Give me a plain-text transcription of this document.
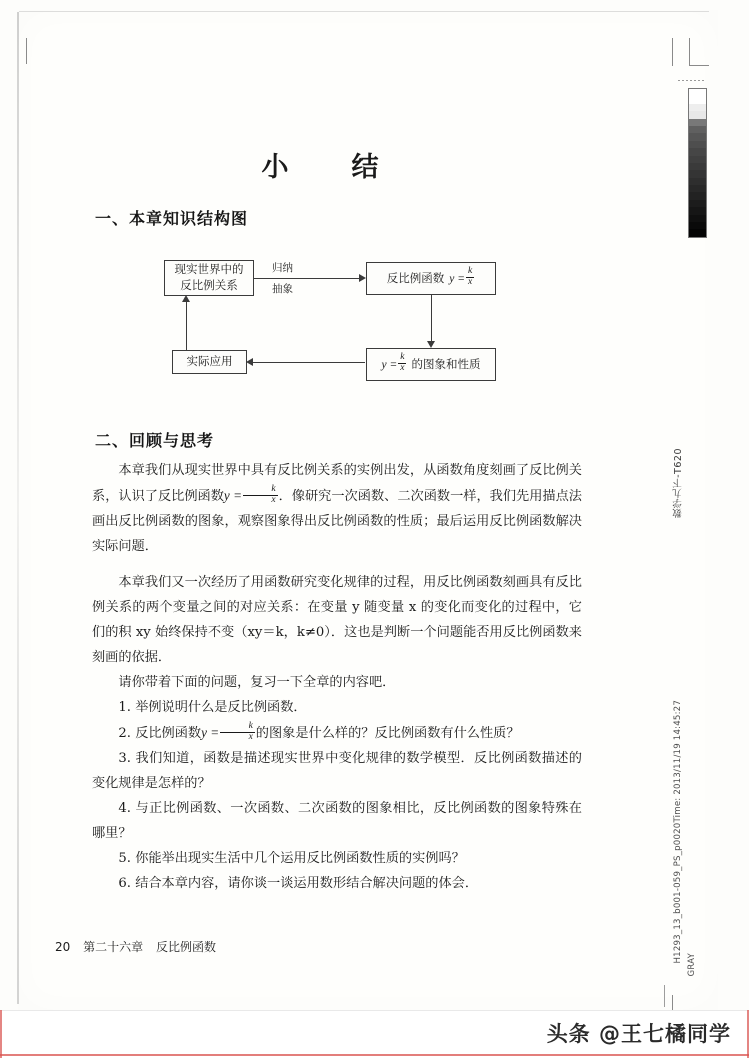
小　结
一、本章知识结构图
现实世界中的
反比例关系
反比例函数 $y = \frac{k}{x}$
$y = \frac{k}{x}$ 的图象和性质
实际应用
归纳
抽象
二、回顾与思考

本章我们从现实世界中具有反比例关系的实例出发，从函数角度刻画了反比例关系，认识了反比例函数$y = \frac{k}{x}$ ．像研究一次函数、二次函数一样，我们先用描点法画出反比例函数的图象，观察图象得出反比例函数的性质；最后运用反比例函数解决实际问题．

本章我们又一次经历了用函数研究变化规律的过程，用反比例函数刻画具有反比例关系的两个变量之间的对应关系：在变量 y 随变量 x 的变化而变化的过程中，它们的积 xy 始终保持不变（xy＝k，k≠0）．这也是判断一个问题能否用反比例函数来刻画的依据．

请你带着下面的问题，复习一下全章的内容吧．

1. 举例说明什么是反比例函数．

2. 反比例函数$y = \frac{k}{x}$ 的图象是什么样的？反比例函数有什么性质？

3. 我们知道，函数是描述现实世界中变化规律的数学模型．反比例函数描述的变化规律是怎样的？

4. 与正比例函数、一次函数、二次函数的图象相比，反比例函数的图象特殊在哪里？

5. 你能举出现实生活中几个运用反比例函数性质的实例吗？

6. 结合本章内容，请你谈一谈运用数形结合解决问题的体会．

20 第二十六章 反比例函数
数学九下-T620
H1293_13_b001-059_PS_p0020Time: 2013/11/19 14:45:27
GRAY
头条 @王七橘同学
